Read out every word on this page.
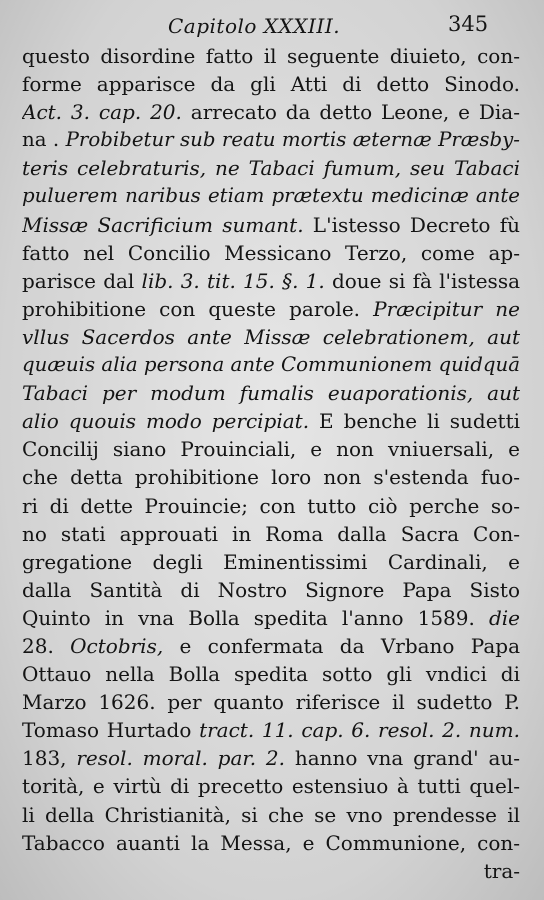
Capitolo XXXIII.	345
questo disordine fatto il seguente diuieto, con-
forme apparisce da gli Atti di detto Sinodo.
Act. 3. cap. 20. arrecato da detto Leone, e Dia-
na . Probibetur sub reatu mortis æternæ Præsby-
teris celebraturis, ne Tabaci fumum, seu Tabaci
puluerem naribus etiam prætextu medicinæ ante
Missæ Sacrificium sumant. L'istesso Decreto fù
fatto nel Concilio Messicano Terzo, come ap-
parisce dal lib. 3. tit. 15. §. 1. doue si fà l'istessa
prohibitione con queste parole. Præcipitur ne
vllus Sacerdos ante Missæ celebrationem, aut
quæuis alia persona ante Communionem quidquā
Tabaci per modum fumalis euaporationis, aut
alio quouis modo percipiat. E benche li sudetti
Concilij siano Prouinciali, e non vniuersali, e
che detta prohibitione loro non s'estenda fuo-
ri di dette Prouincie; con tutto ciò perche so-
no stati approuati in Roma dalla Sacra Con-
gregatione degli Eminentissimi Cardinali, e
dalla Santità di Nostro Signore Papa Sisto
Quinto in vna Bolla spedita l'anno 1589. die
28. Octobris, e confermata da Vrbano Papa
Ottauo nella Bolla spedita sotto gli vndici di
Marzo 1626. per quanto riferisce il sudetto P.
Tomaso Hurtado tract. 11. cap. 6. resol. 2. num.
183, resol. moral. par. 2. hanno vna grand' au-
torità, e virtù di precetto estensiuo à tutti quel-
li della Christianità, si che se vno prendesse il
Tabacco auanti la Messa, e Communione, con-
tra-
